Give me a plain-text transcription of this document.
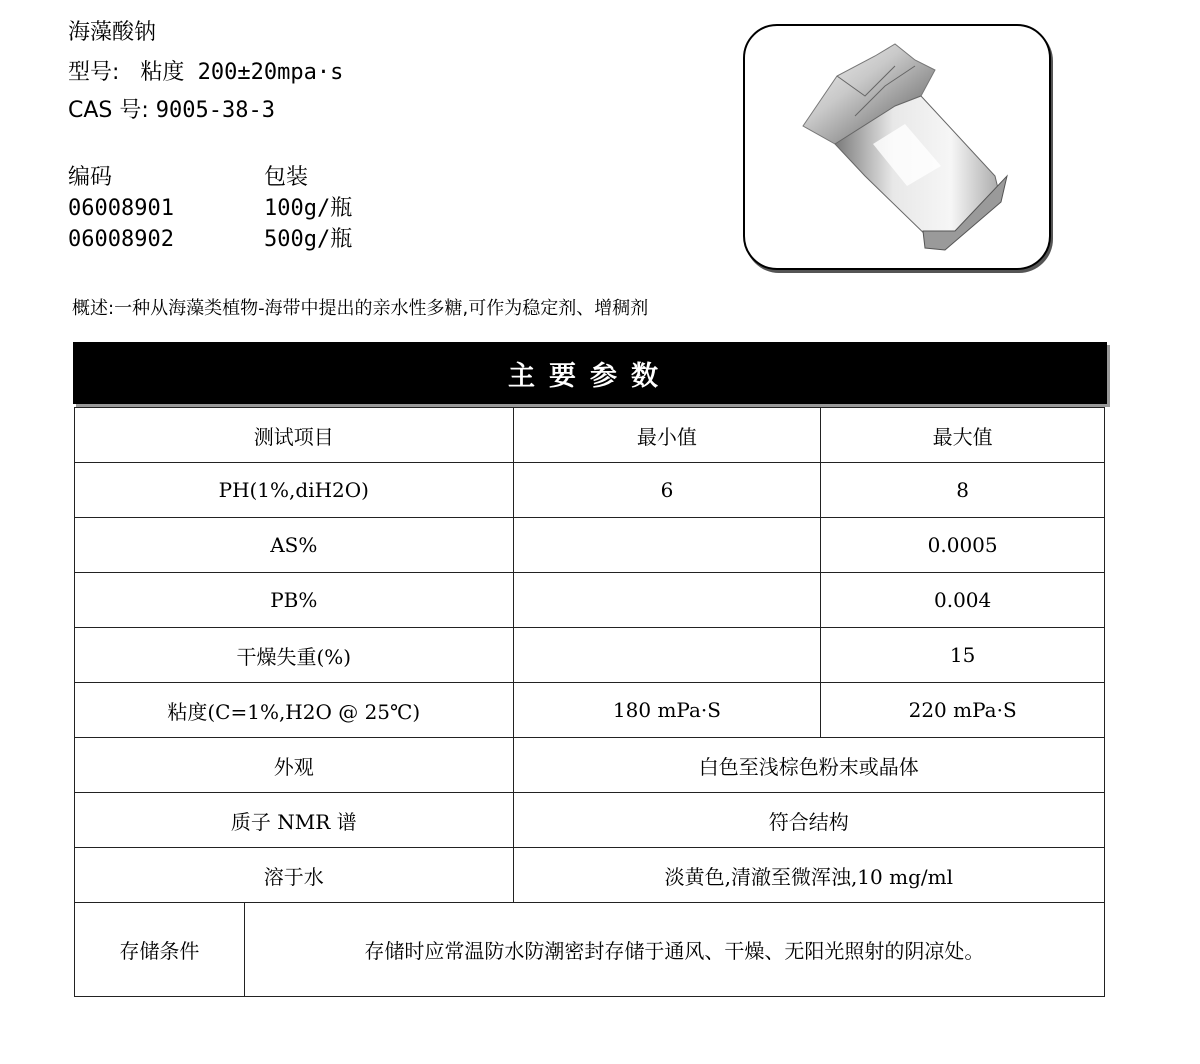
海藻酸钠
型号: 粘度 200±20mpa·s
CAS 号: 9005-38-3
编码	包装
06008901	100g/瓶
06008902	500g/瓶
概述:一种从海藻类植物-海带中提出的亲水性多糖,可作为稳定剂、增稠剂
主要参数
测试项目		最小值	最大值
PH(1%,diH2O)		6	8
AS%			0.0005
PB%			0.004
干燥失重(%)			15
粘度(C=1%,H2O @ 25℃)		180 mPa·S	220 mPa·S
外观		白色至浅棕色粉末或晶体	
质子 NMR 谱		符合结构	
溶于水		淡黄色,清澈至微浑浊,10 mg/ml	
存储条件	存储时应常温防水防潮密封存储于通风、干燥、无阳光照射的阴凉处。		
